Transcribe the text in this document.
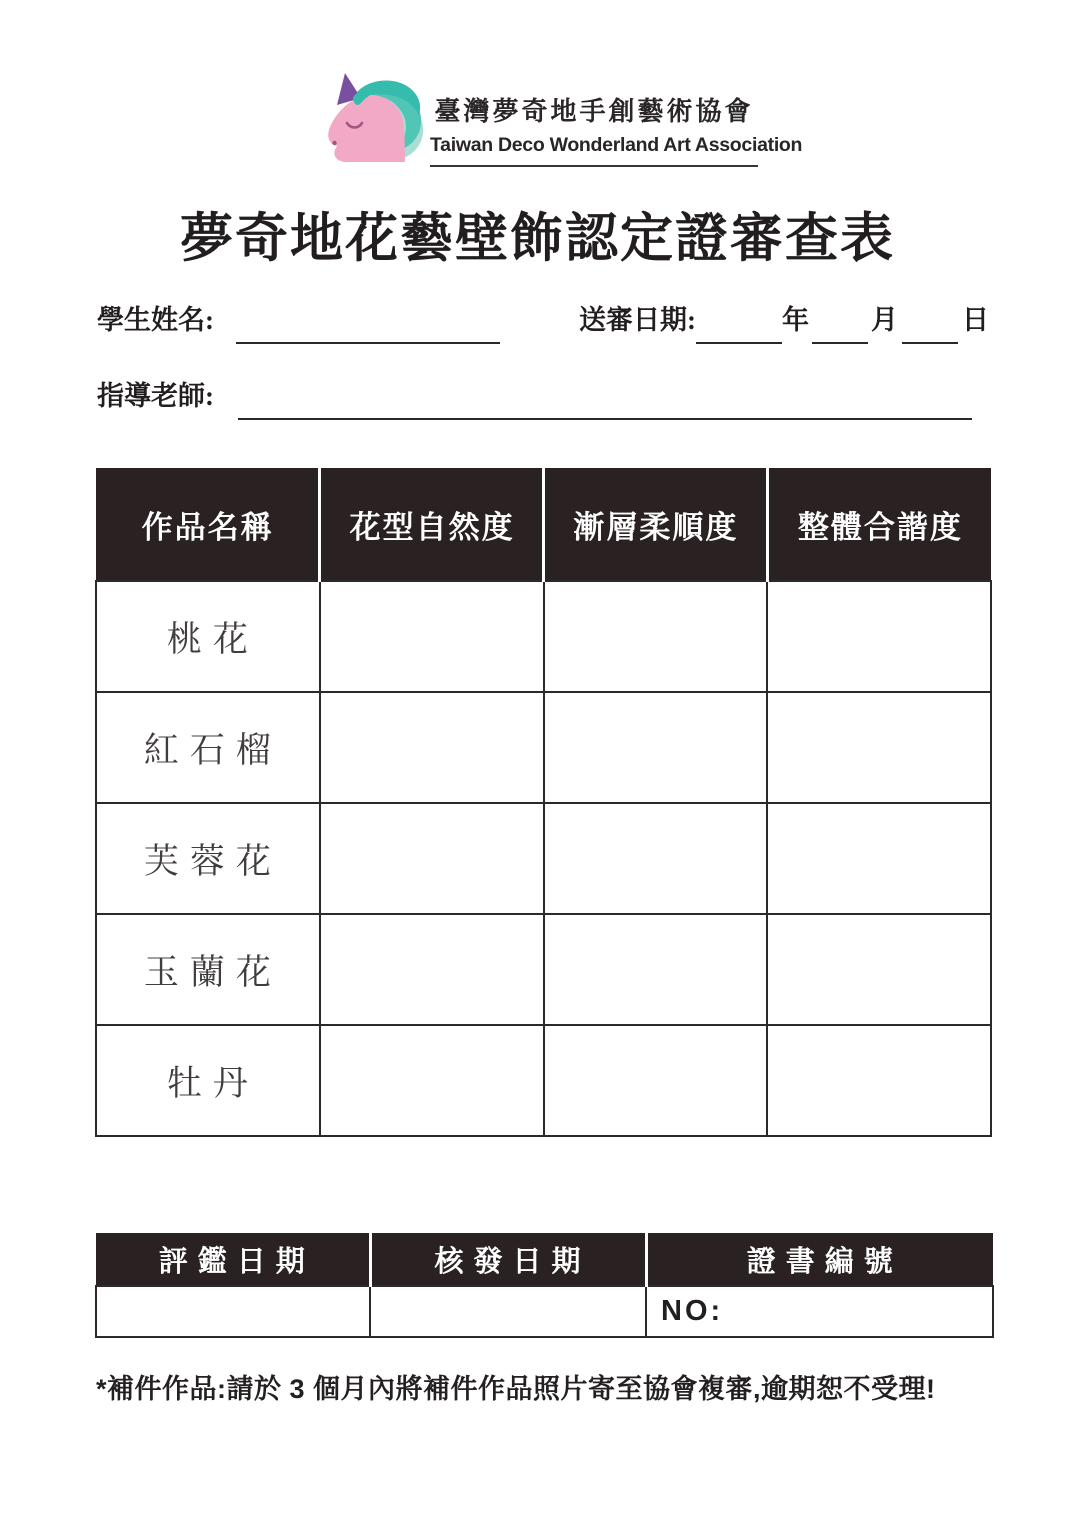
臺灣夢奇地手創藝術協會
Taiwan Deco Wonderland Art Association
夢奇地花藝壁飾認定證審查表
學生姓名:	送審日期:	年 月 日
指導老師:
作品名稱	花型自然度	漸層柔順度	整體合諧度
桃花			
紅石榴			
芙蓉花			
玉蘭花			
牡丹			
評鑑日期	核發日期	證書編號
		NO:

*補件作品:請於 3 個月內將補件作品照片寄至協會複審,逾期恕不受理!
